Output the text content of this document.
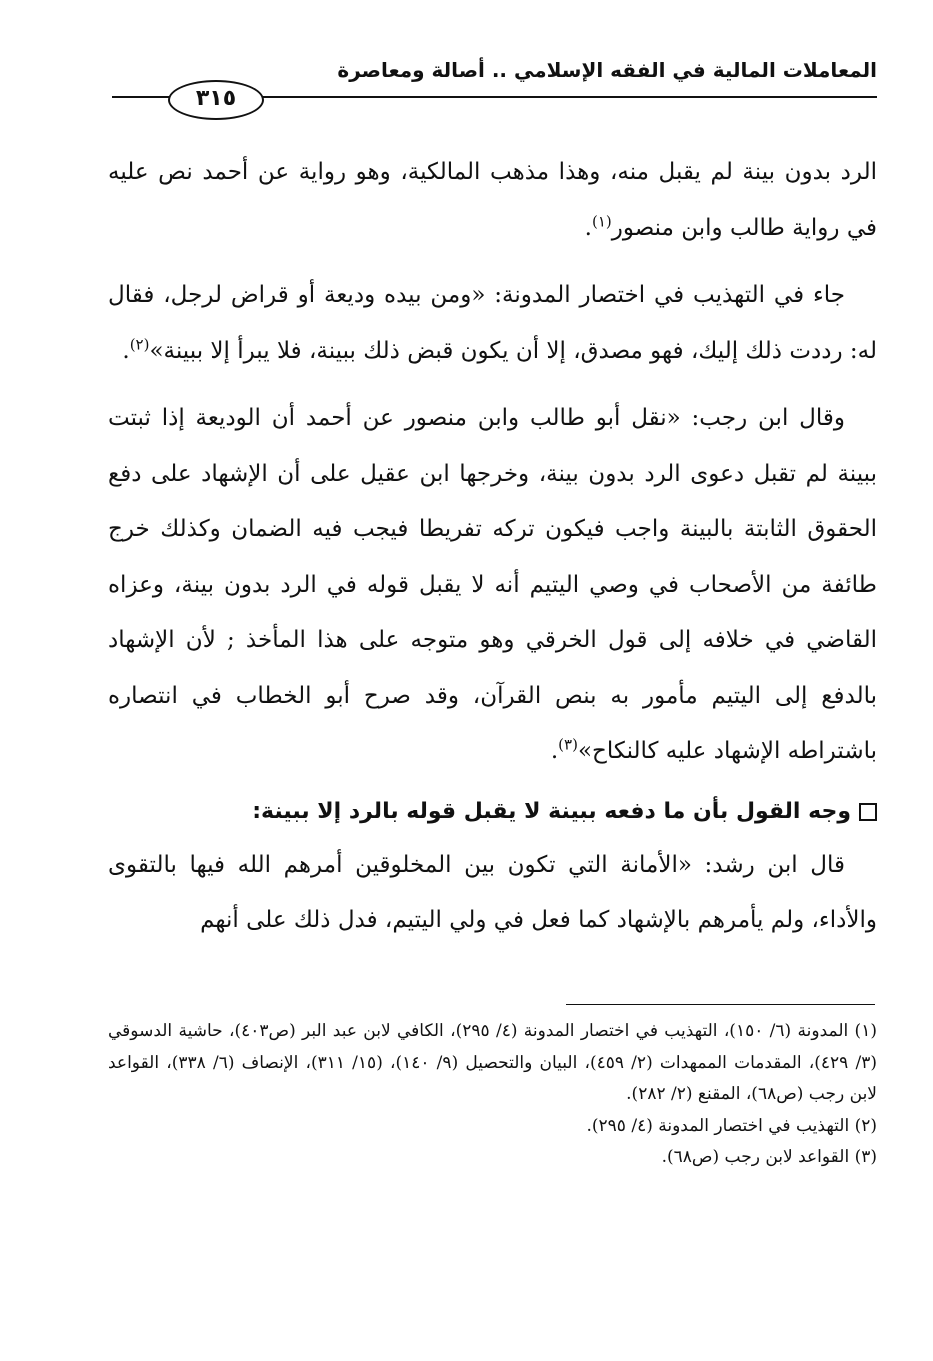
المعاملات المالية في الفقه الإسلامي .. أصالة ومعاصرة
٣١٥

الرد بدون بينة لم يقبل منه، وهذا مذهب المالكية، وهو رواية عن أحمد نص عليه في رواية طالب وابن منصور$^{(١)}$.

جاء في التهذيب في اختصار المدونة: «ومن بيده وديعة أو قراض لرجل، فقال له: رددت ذلك إليك، فهو مصدق، إلا أن يكون قبض ذلك ببينة، فلا يبرأ إلا ببينة»$^{(٢)}$.

وقال ابن رجب: «نقل أبو طالب وابن منصور عن أحمد أن الوديعة إذا ثبتت ببينة لم تقبل دعوى الرد بدون بينة، وخرجها ابن عقيل على أن الإشهاد على دفع الحقوق الثابتة بالبينة واجب فيكون تركه تفريطا فيجب فيه الضمان وكذلك خرج طائفة من الأصحاب في وصي اليتيم أنه لا يقبل قوله في الرد بدون بينة، وعزاه القاضي في خلافه إلى قول الخرقي وهو متوجه على هذا المأخذ ; لأن الإشهاد بالدفع إلى اليتيم مأمور به بنص القرآن، وقد صرح أبو الخطاب في انتصاره باشتراطه الإشهاد عليه كالنكاح»$^{(٣)}$.

وجه القول بأن ما دفعه ببينة لا يقبل قوله بالرد إلا ببينة:

قال ابن رشد: «الأمانة التي تكون بين المخلوقين أمرهم الله فيها بالتقوى والأداء، ولم يأمرهم بالإشهاد كما فعل في ولي اليتيم، فدل ذلك على أنهم

(١) المدونة (٦/ ١٥٠)، التهذيب في اختصار المدونة (٤/ ٢٩٥)، الكافي لابن عبد البر (ص٤٠٣)، حاشية الدسوقي (٣/ ٤٢٩)، المقدمات الممهدات (٢/ ٤٥٩)، البيان والتحصيل (٩/ ١٤٠)، (١٥/ ٣١١)، الإنصاف (٦/ ٣٣٨)، القواعد لابن رجب (ص٦٨)، المقنع (٢/ ٢٨٢).

(٢) التهذيب في اختصار المدونة (٤/ ٢٩٥).

(٣) القواعد لابن رجب (ص٦٨).
